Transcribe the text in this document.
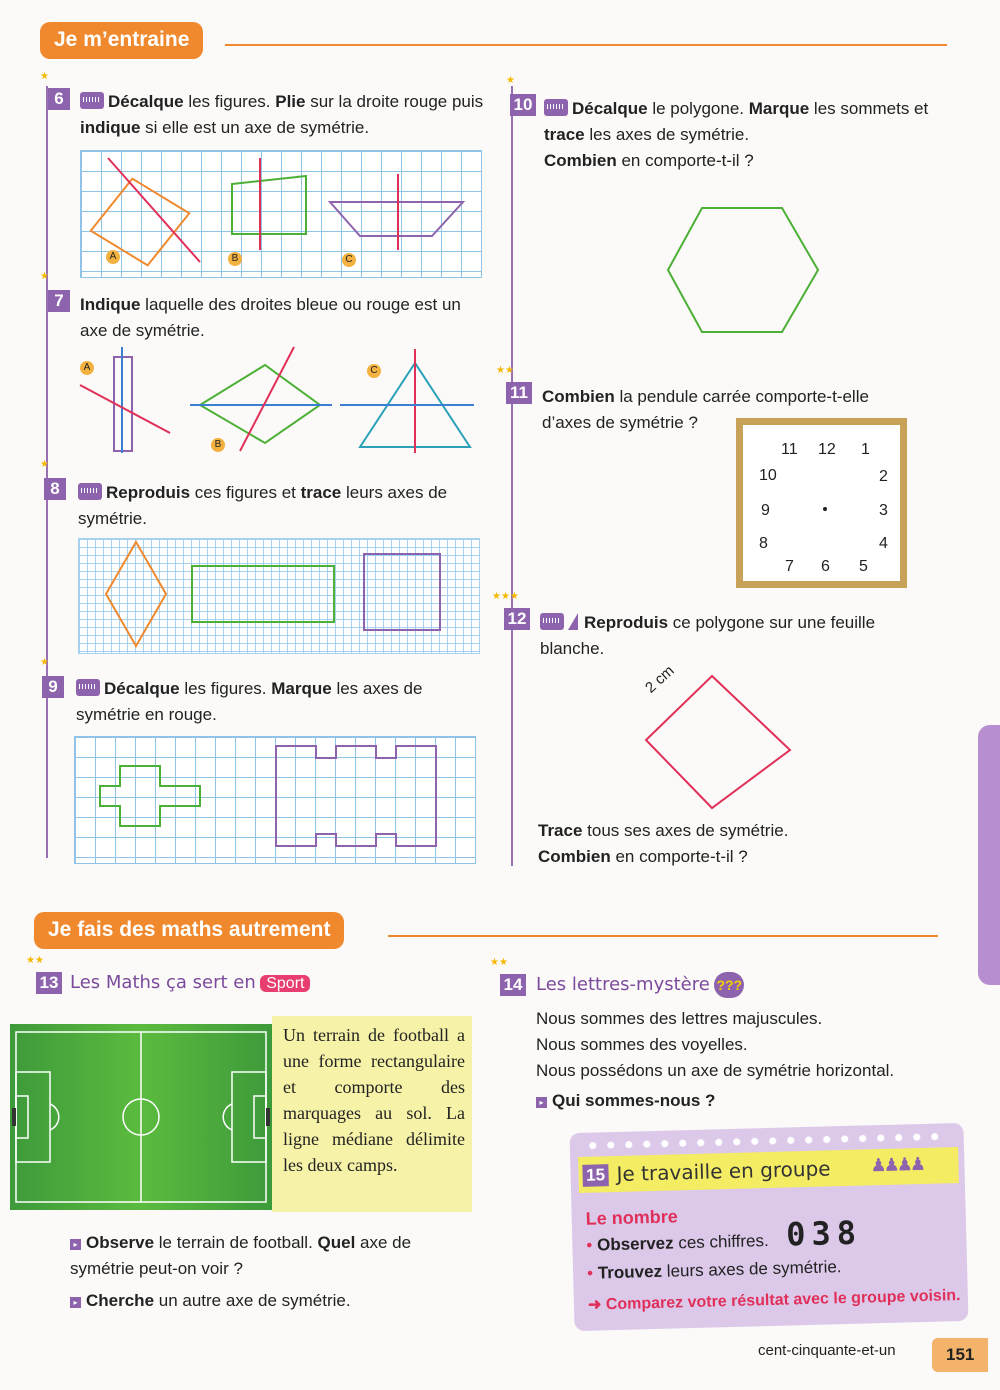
Je m’entraine
★
6	Décalque les figures. Plie sur la droite rouge puis indique si elle est un axe de symétrie.
A	B	C
★
7 Indique laquelle des droites bleue ou rouge est un axe de symétrie.
A
B
C
★
8	Reproduis ces figures et trace leurs axes de symétrie.
★
9	Décalque les figures. Marque les axes de symétrie en rouge.
★
10	Décalque le polygone. Marque les sommets et trace les axes de symétrie.
Combien en comporte-t-il ?
★★
11 Combien la pendule carrée comporte-t-elle d’axes de symétrie ?
12 1
2
3
4
5
6
7
8
9
10
11
★★★
12	Reproduis ce polygone sur une feuille blanche.
2 cm
Trace tous ses axes de symétrie.
Combien en comporte-t-il ?
Je fais des maths autrement
★★
13 Les Maths ça sert en Sport
Un terrain de football a une forme rectangulaire et comporte des marquages au sol. La ligne médiane délimite les deux camps.
▸ Observe le terrain de football. Quel axe de symétrie peut-on voir ?

▸ Cherche un autre axe de symétrie.
★★
14 Les lettres-mystère ???
Nous sommes des lettres majuscules.
Nous sommes des voyelles.
Nous possédons un axe de symétrie horizontal.
▸ Qui sommes-nous ?
15 Je travaille en groupe ♟♟♟♟
Le nombre
• Observez ces chiffres. 038
• Trouvez leurs axes de symétrie.
➜ Comparez votre résultat avec le groupe voisin.
cent-cinquante-et-un	151
